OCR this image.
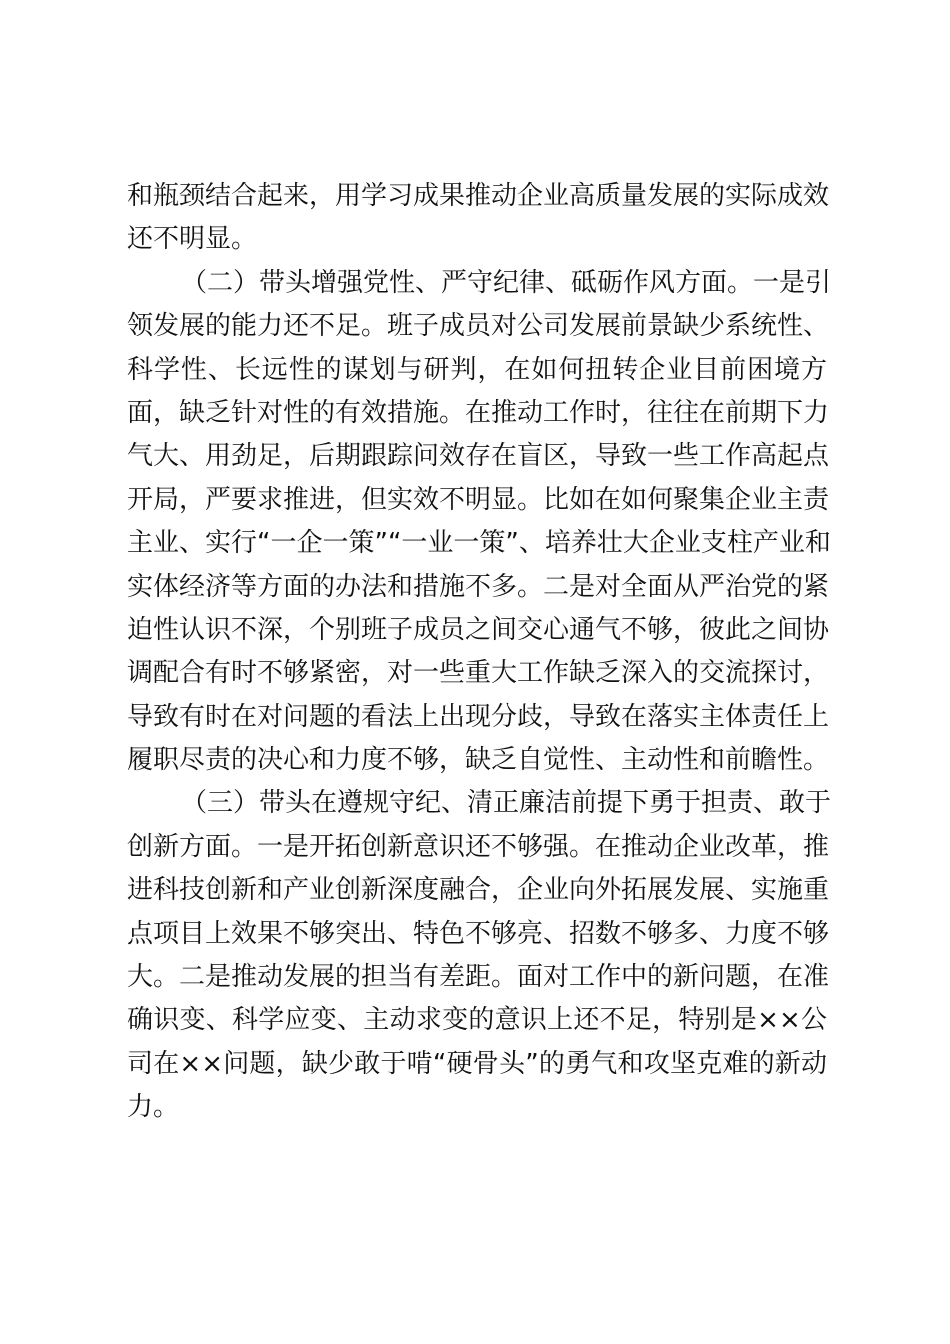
和瓶颈结合起来，用学习成果推动企业高质量发展的实际成效
还不明显。
（二）带头增强党性、严守纪律、砥砺作风方面。一是引
领发展的能力还不足。班子成员对公司发展前景缺少系统性、
科学性、长远性的谋划与研判，在如何扭转企业目前困境方
面，缺乏针对性的有效措施。在推动工作时，往往在前期下力
气大、用劲足，后期跟踪问效存在盲区，导致一些工作高起点
开局，严要求推进，但实效不明显。比如在如何聚集企业主责
主业、实行“一企一策”“一业一策”、培养壮大企业支柱产业和
实体经济等方面的办法和措施不多。二是对全面从严治党的紧
迫性认识不深，个别班子成员之间交心通气不够，彼此之间协
调配合有时不够紧密，对一些重大工作缺乏深入的交流探讨，
导致有时在对问题的看法上出现分歧，导致在落实主体责任上
履职尽责的决心和力度不够，缺乏自觉性、主动性和前瞻性。
（三）带头在遵规守纪、清正廉洁前提下勇于担责、敢于
创新方面。一是开拓创新意识还不够强。在推动企业改革，推
进科技创新和产业创新深度融合，企业向外拓展发展、实施重
点项目上效果不够突出、特色不够亮、招数不够多、力度不够
大。二是推动发展的担当有差距。面对工作中的新问题，在准
确识变、科学应变、主动求变的意识上还不足，特别是××公
司在××问题，缺少敢于啃“硬骨头”的勇气和攻坚克难的新动
力。
